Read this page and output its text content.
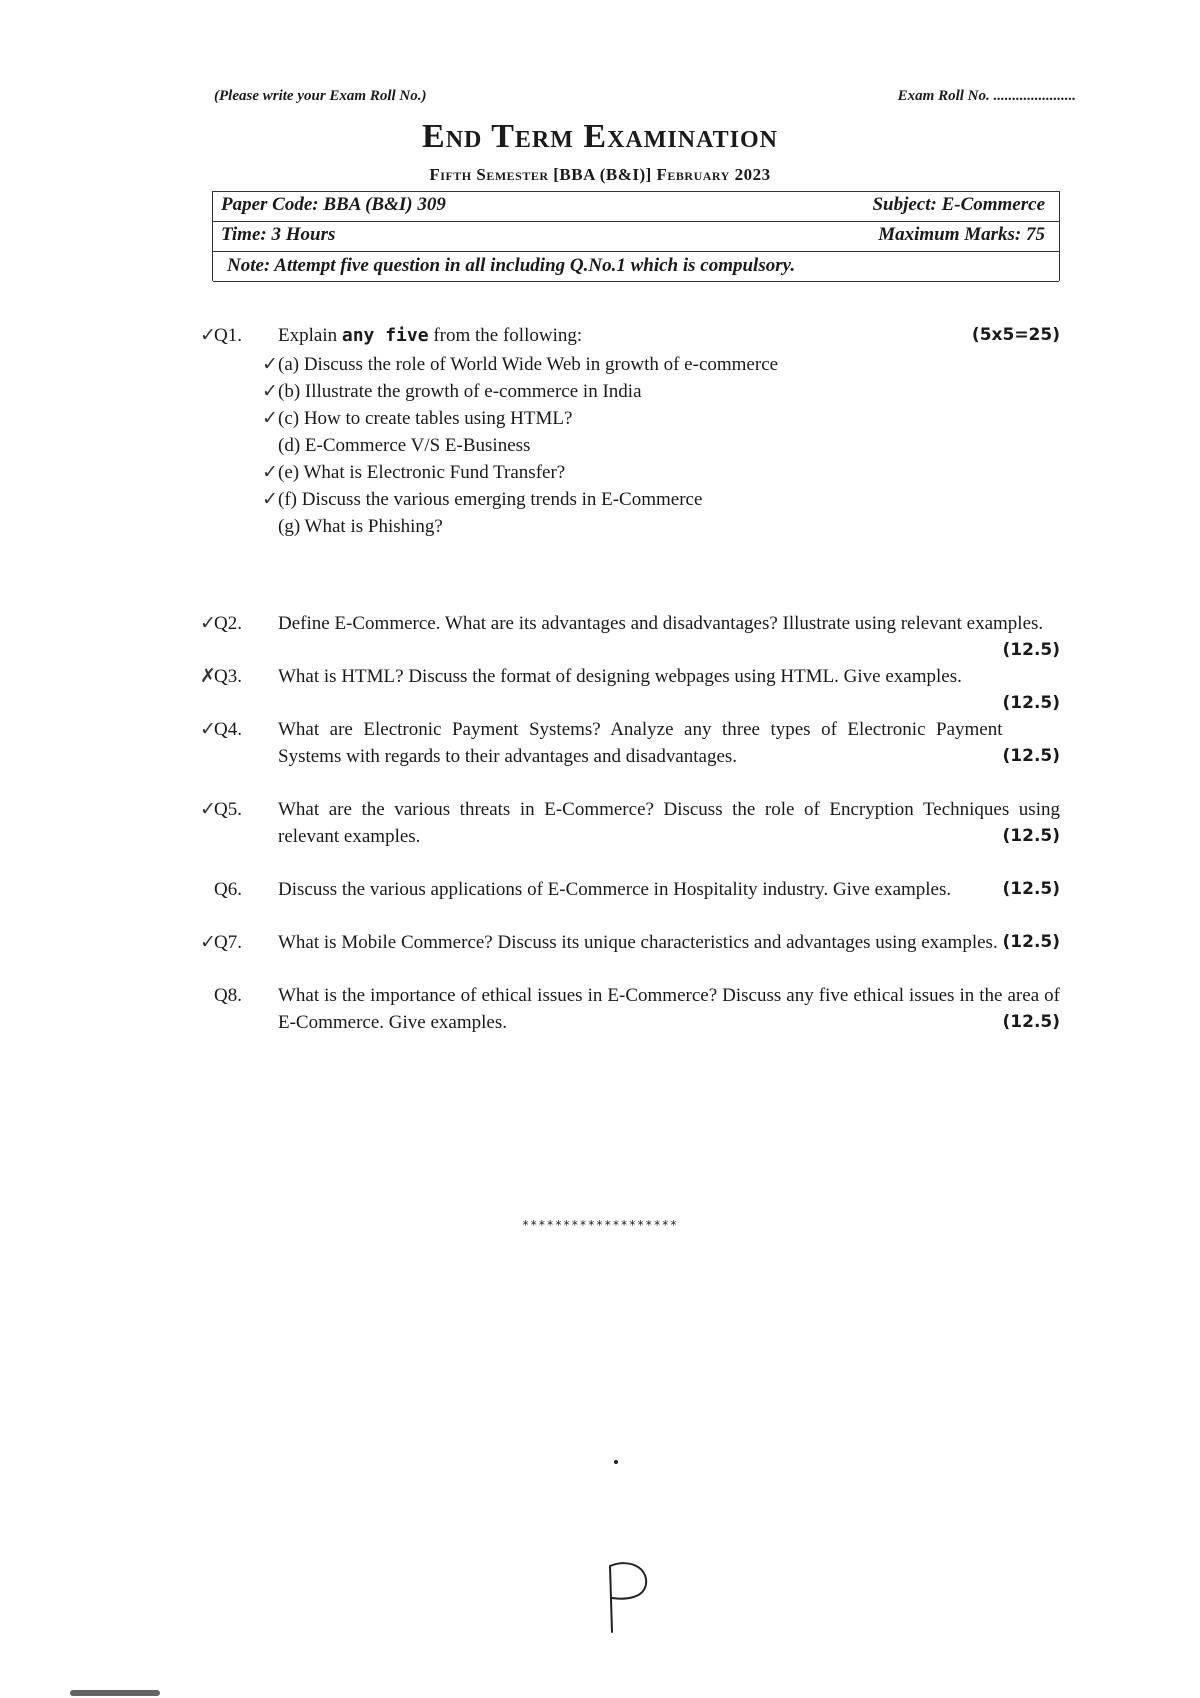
(Please write your Exam Roll No.)	Exam Roll No. ......................
End Term Examination
Fifth Semester [BBA (B&I)] February 2023
Paper Code: BBA (B&I) 309	Subject: E-Commerce
Time: 3 Hours	Maximum Marks: 75
Note: Attempt five question in all including Q.No.1 which is compulsory.
✓Q1.	Explain any five from the following:	(5x5=25)
✓ (a) Discuss the role of World Wide Web in growth of e-commerce
✓ (b) Illustrate the growth of e-commerce in India
✓ (c) How to create tables using HTML?
(d) E-Commerce V/S E-Business
✓ (e) What is Electronic Fund Transfer?
✓ (f) Discuss the various emerging trends in E-Commerce
(g) What is Phishing?
✓Q2.	Define E-Commerce. What are its advantages and disadvantages? Illustrate using relevant examples.
(12.5)
✗Q3.	What is HTML? Discuss the format of designing webpages using HTML. Give examples.
(12.5)
✓Q4.	What are Electronic Payment Systems? Analyze any three types of Electronic Payment Systems with regards to their advantages and disadvantages.	(12.5)
✓Q5.	What are the various threats in E-Commerce? Discuss the role of Encryption Techniques using relevant examples.	(12.5)
Q6.	Discuss the various applications of E-Commerce in Hospitality industry. Give examples.	(12.5)
✓Q7.	What is Mobile Commerce? Discuss its unique characteristics and advantages using examples. (12.5)
Q8.	What is the importance of ethical issues in E-Commerce? Discuss any five ethical issues in the area of E-Commerce. Give examples.	(12.5)
*******************
